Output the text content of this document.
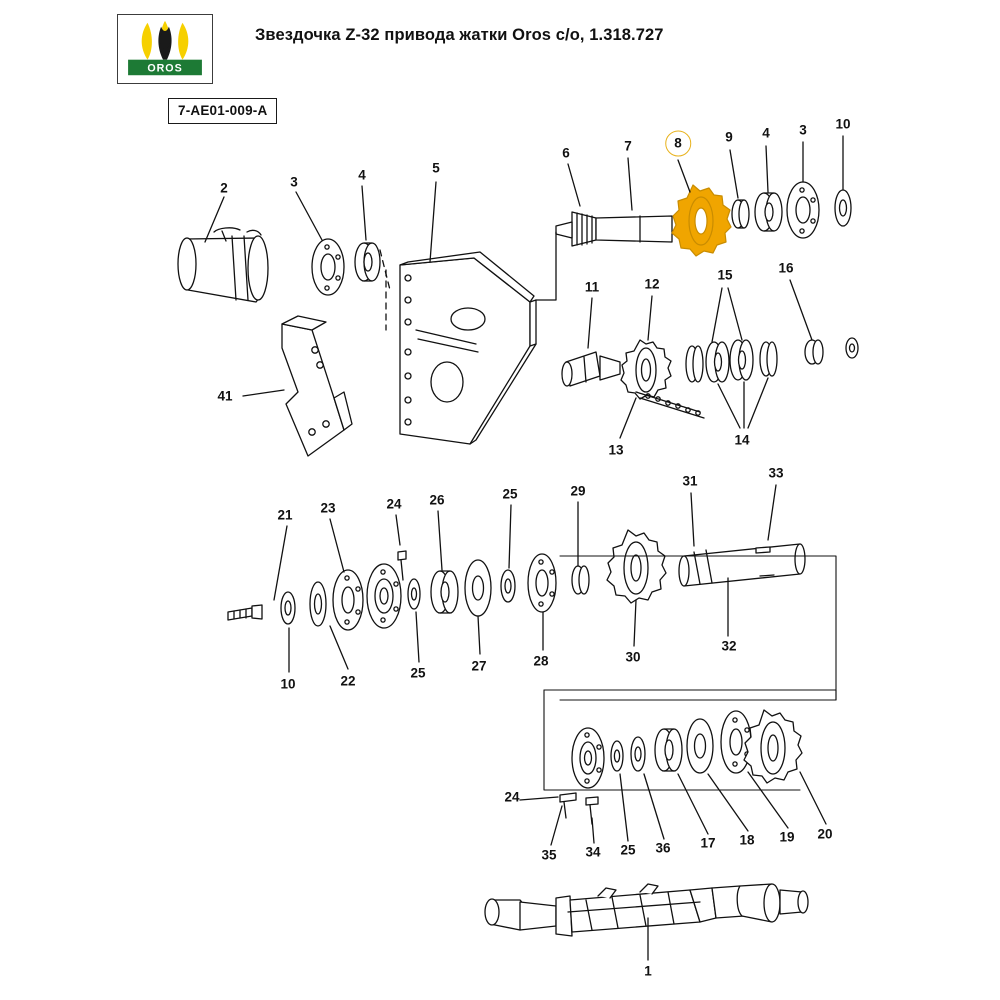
OROS
Звездочка Z-32 привода жатки Oros c/o, 1.318.727
7-AE01-009-A
2	3	4	5
6	7	8	9 4 3 10
11	12
15	16
13
14
41
21 23	24 26	25	29
31
33
10	22
25	27	28	30
32
24
35 34 25 36 17 18 19 20
1
